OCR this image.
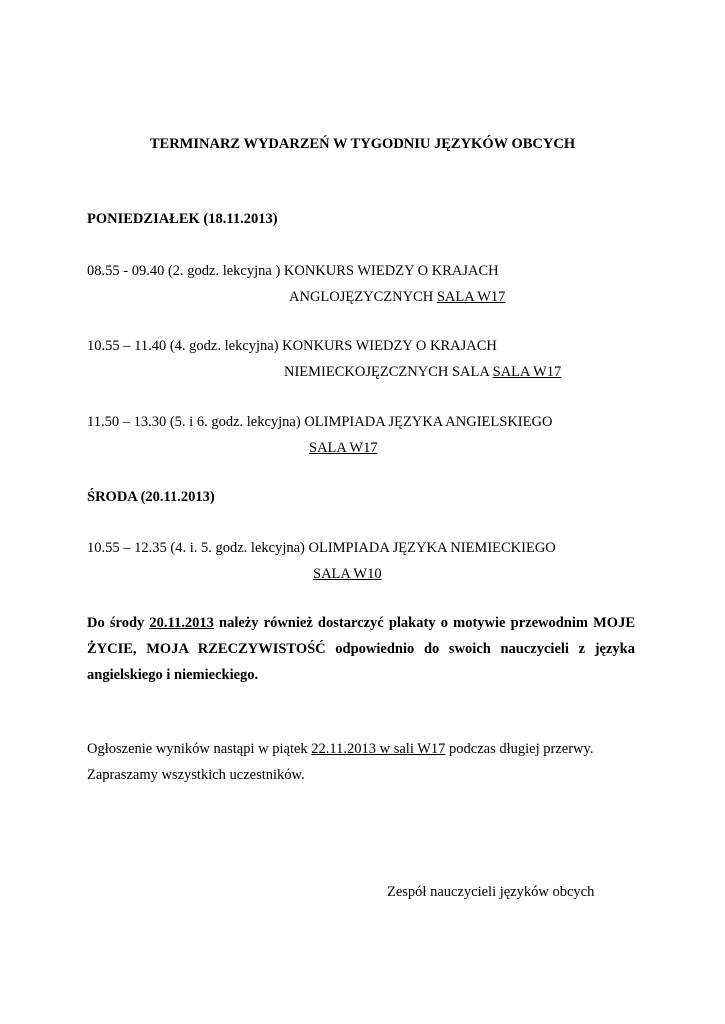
TERMINARZ WYDARZEŃ W TYGODNIU JĘZYKÓW OBCYCH
PONIEDZIAŁEK (18.11.2013)
08.55 - 09.40 (2. godz. lekcyjna ) KONKURS WIEDZY O KRAJACH
ANGLOJĘZYCZNYCH SALA W17
10.55 – 11.40 (4. godz. lekcyjna) KONKURS WIEDZY O KRAJACH
NIEMIECKOJĘZCZNYCH SALA SALA W17
11.50 – 13.30 (5. i 6. godz. lekcyjna) OLIMPIADA JĘZYKA ANGIELSKIEGO
SALA W17
ŚRODA (20.11.2013)
10.55 – 12.35 (4. i. 5. godz. lekcyjna) OLIMPIADA JĘZYKA NIEMIECKIEGO
SALA W10
Do środy 20.11.2013 należy również dostarczyć plakaty o motywie przewodnim MOJE
ŻYCIE, MOJA RZECZYWISTOŚĆ odpowiednio do swoich nauczycieli z języka
angielskiego i niemieckiego.
Ogłoszenie wyników nastąpi w piątek 22.11.2013 w sali W17 podczas długiej przerwy.
Zapraszamy wszystkich uczestników.
Zespół nauczycieli języków obcych
